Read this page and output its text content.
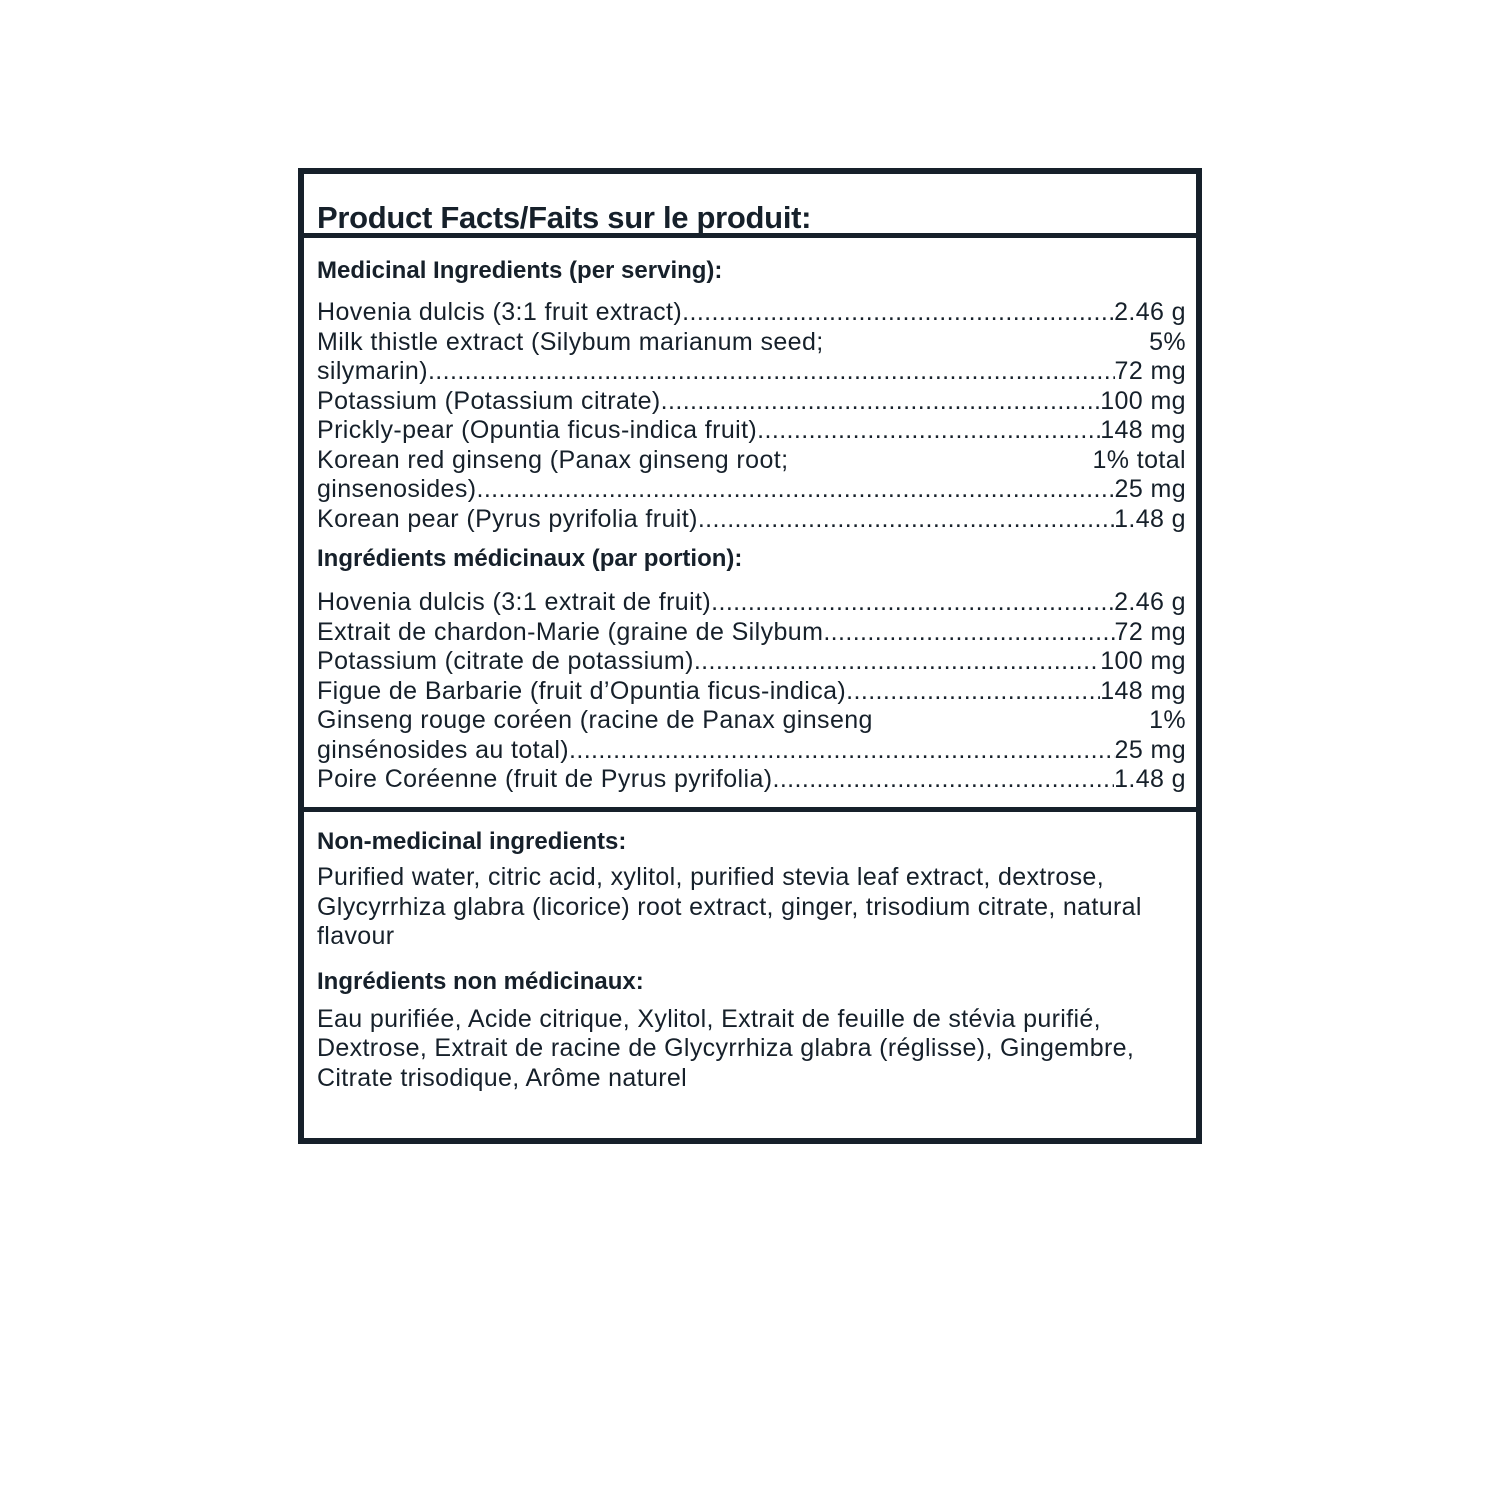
Product Facts/Faits sur le produit:
Medicinal Ingredients (per serving):
Hovenia dulcis (3:1 fruit extract) .....	2.46 g
Milk thistle extract (Silybum marianum seed;	5%
silymarin) .....	72 mg
Potassium (Potassium citrate) .....	100 mg
Prickly-pear (Opuntia ficus-indica fruit) .....	148 mg
Korean red ginseng (Panax ginseng root;	1% total
ginsenosides) .....	25 mg
Korean pear (Pyrus pyrifolia fruit) .....	1.48 g
Ingrédients médicinaux (par portion):
Hovenia dulcis (3:1 extrait de fruit) .....	2.46 g
Extrait de chardon-Marie (graine de Silybum .....	72 mg
Potassium (citrate de potassium) .....	100 mg
Figue de Barbarie (fruit d’Opuntia ficus-indica) .....	148 mg
Ginseng rouge coréen (racine de Panax ginseng	1%
ginsénosides au total) .....	25 mg
Poire Coréenne (fruit de Pyrus pyrifolia) .....	1.48 g
Non-medicinal ingredients:
Purified water, citric acid, xylitol, purified stevia leaf extract, dextrose, Glycyrrhiza glabra (licorice) root extract, ginger, trisodium citrate, natural flavour
Ingrédients non médicinaux:
Eau purifiée, Acide citrique, Xylitol, Extrait de feuille de stévia purifié, Dextrose, Extrait de racine de Glycyrrhiza glabra (réglisse), Gingembre, Citrate trisodique, Arôme naturel
